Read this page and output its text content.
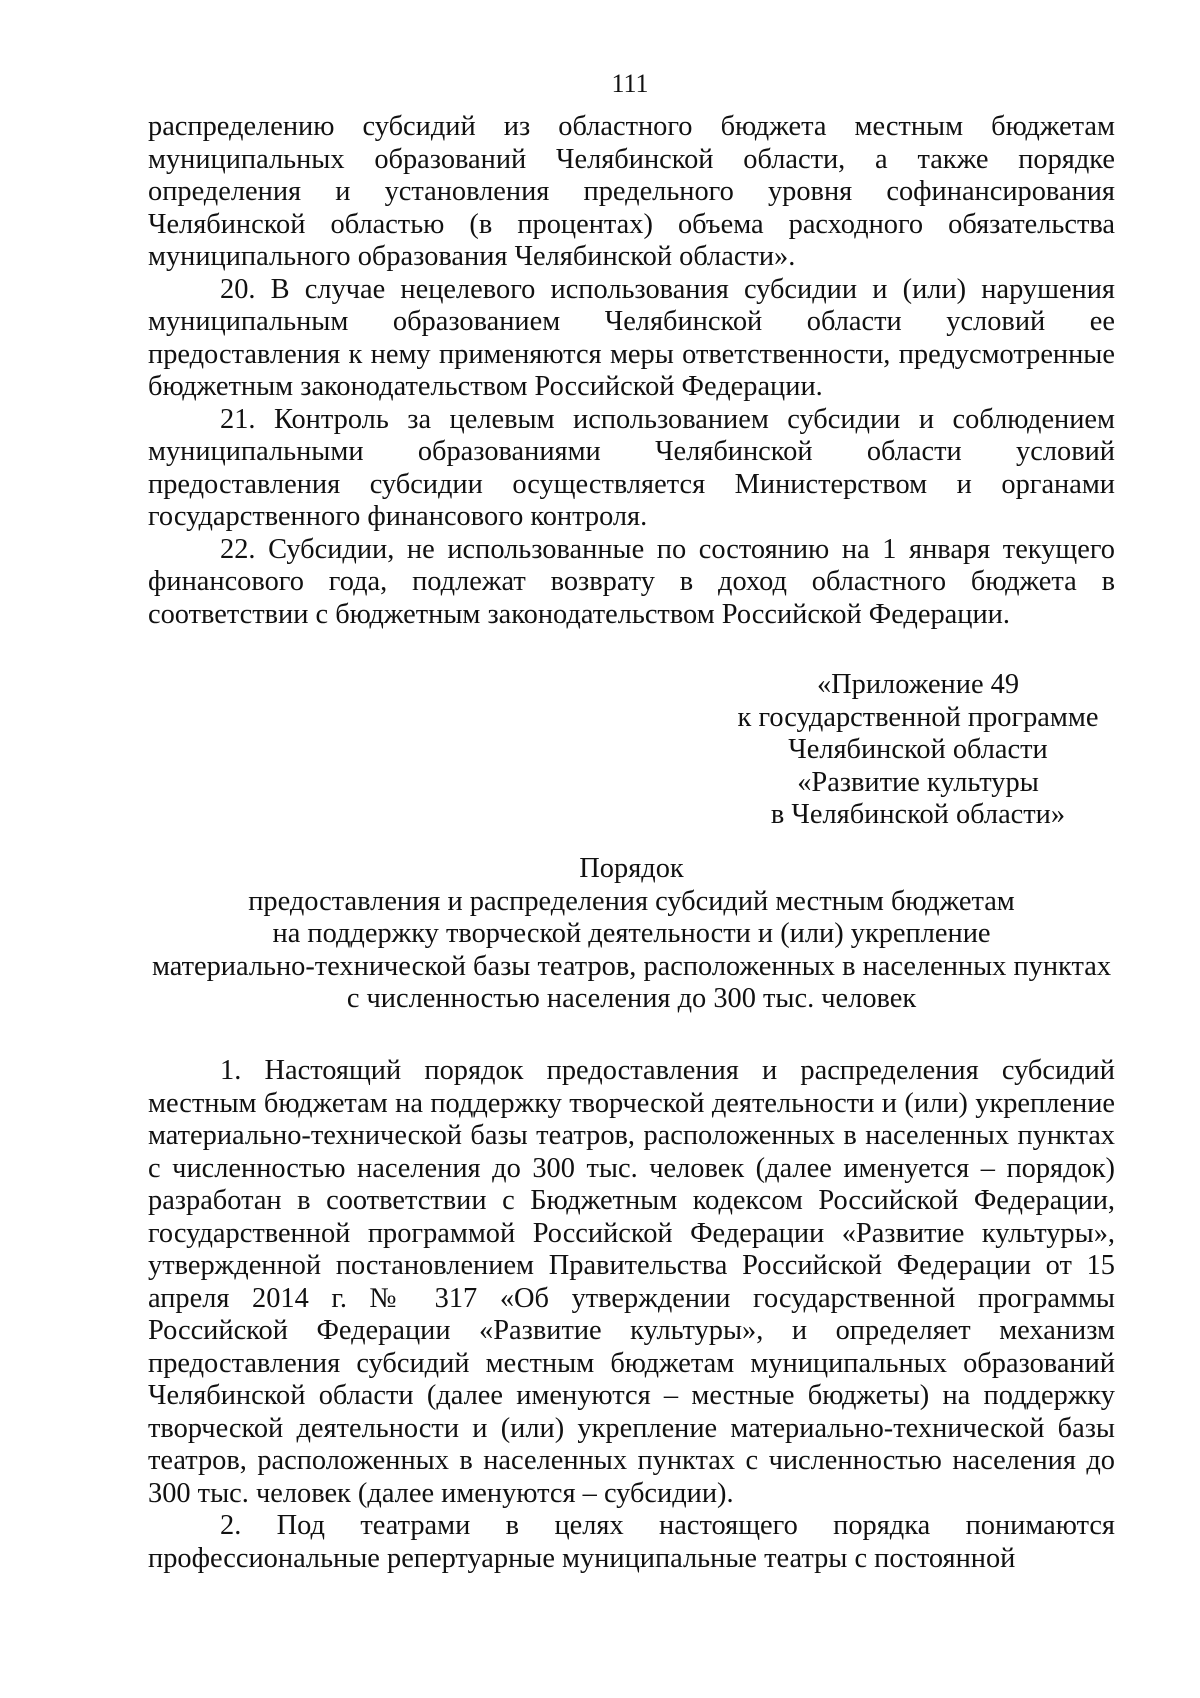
111

распределению субсидий из областного бюджета местным бюджетам муниципальных образований Челябинской области, а также порядке определения и установления предельного уровня софинансирования Челябинской областью (в процентах) объема расходного обязательства муниципального образования Челябинской области».

20. В случае нецелевого использования субсидии и (или) нарушения муниципальным образованием Челябинской области условий ее предоставления к нему применяются меры ответственности, предусмотренные бюджетным законодательством Российской Федерации.

21. Контроль за целевым использованием субсидии и соблюдением муниципальными образованиями Челябинской области условий предоставления субсидии осуществляется Министерством и органами государственного финансового контроля.

22. Субсидии, не использованные по состоянию на 1 января текущего финансового года, подлежат возврату в доход областного бюджета в соответствии с бюджетным законодательством Российской Федерации.

«Приложение 49
к государственной программе
Челябинской области
«Развитие культуры
в Челябинской области»
Порядок
предоставления и распределения субсидий местным бюджетам
на поддержку творческой деятельности и (или) укрепление
материально-технической базы театров, расположенных в населенных пунктах
с численностью населения до 300 тыс. человек

1. Настоящий порядок предоставления и распределения субсидий местным бюджетам на поддержку творческой деятельности и (или) укрепление материально-технической базы театров, расположенных в населенных пунктах с численностью населения до 300 тыс. человек (далее именуется – порядок) разработан в соответствии с Бюджетным кодексом Российской Федерации, государственной программой Российской Федерации «Развитие культуры», утвержденной постановлением Правительства Российской Федерации от 15 апреля 2014 г. № 317 «Об утверждении государственной программы Российской Федерации «Развитие культуры», и определяет механизм предоставления субсидий местным бюджетам муниципальных образований Челябинской области (далее именуются – местные бюджеты) на поддержку творческой деятельности и (или) укрепление материально-технической базы театров, расположенных в населенных пунктах с численностью населения до 300 тыс. человек (далее именуются – субсидии).

2. Под театрами в целях настоящего порядка понимаются профессиональные репертуарные муниципальные театры с постоянной
